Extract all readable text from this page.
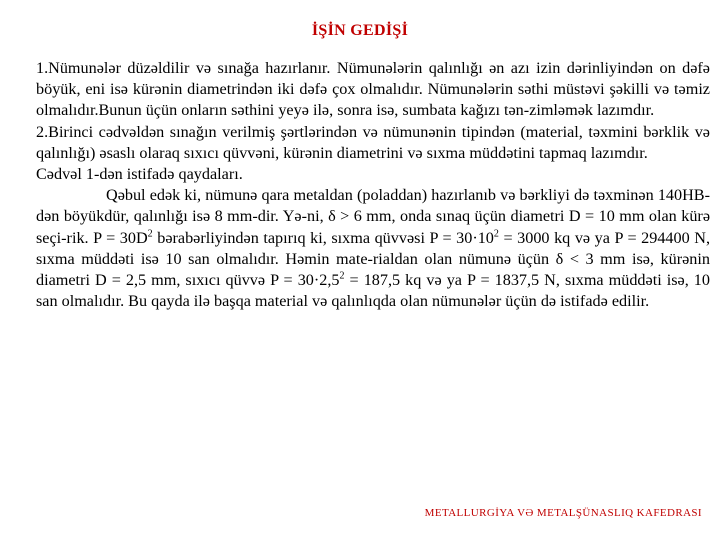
İŞİN GEDİŞİ

1.Nümunələr düzəldilir və sınağa hazırlanır. Nümunələrin qalınlığı ən azı izin dərinliyindən on dəfə böyük, eni isə kürənin diametrindən iki dəfə çox olmalıdır. Nümunələrin səthi müstəvi şəkilli və təmiz olmalıdır.Bunun üçün onların səthini yeyə ilə, sonra isə, sumbata kağızı tən-zimləmək lazımdır.

2.Birinci cədvəldən sınağın verilmiş şərtlərindən və nümunənin tipindən (material, təxmini bərklik və qalınlığı) əsaslı olaraq sıxıcı qüvvəni, kürənin diametrini və sıxma müddətini tapmaq lazımdır.

Cədvəl 1-dən istifadə qaydaları.

Qəbul edək ki, nümunə qara metaldan (poladdan) hazırlanıb və bərkliyi də təxminən 140HB-dən böyükdür, qalınlığı isə 8 mm-dir. Yə-ni, δ > 6 mm, onda sınaq üçün diametri D = 10 mm olan kürə seçi-rik. $P = 30D^2$ bərabərliyindən tapırıq ki, sıxma qüvvəsi $P = 30\cdot 10^2 = 3000$ kq və ya P = 294400 N, sıxma müddəti isə 10 san olmalıdır. Həmin mate-rialdan olan nümunə üçün δ < 3 mm isə, kürənin diametri D = 2,5 mm, sıxıcı qüvvə $P = 30\cdot 2,5^2 = 187,5$ kq və ya P = 1837,5 N, sıxma müddəti isə, 10 san olmalıdır. Bu qayda ilə başqa material və qalınlıqda olan nümunələr üçün də istifadə edilir.

METALLURGİYA VƏ METALŞÜNASLIQ KAFEDRASI
